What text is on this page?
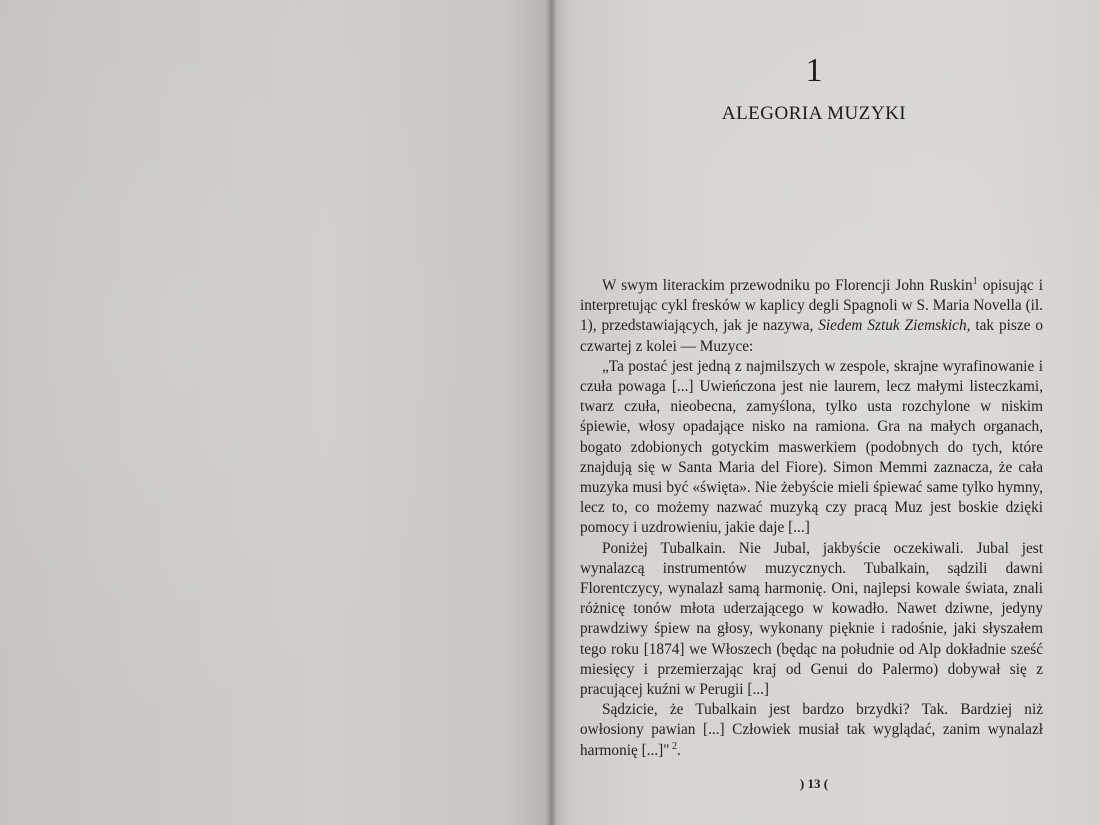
1
ALEGORIA MUZYKI

W swym literackim przewodniku po Florencji John Ruskin$^1$ opisując i interpretując cykl fresków w kaplicy degli Spagnoli w S. Maria Novella (il. 1), przedstawiających, jak je nazywa, Siedem Sztuk Ziemskich, tak pisze o czwartej z kolei — Muzyce:

„Ta postać jest jedną z najmilszych w zespole, skrajne wyrafinowanie i czuła powaga [...] Uwieńczona jest nie laurem, lecz małymi listeczkami, twarz czuła, nieobecna, zamyślona, tylko usta rozchylone w niskim śpiewie, włosy opadające nisko na ramiona. Gra na małych organach, bogato zdobionych gotyckim maswerkiem (podobnych do tych, które znajdują się w Santa Maria del Fiore). Simon Memmi zaznacza, że cała muzyka musi być «święta». Nie żebyście mieli śpiewać same tylko hymny, lecz to, co możemy nazwać muzyką czy pracą Muz jest boskie dzięki pomocy i uzdrowieniu, jakie daje [...]

Poniżej Tubalkain. Nie Jubal, jakbyście oczekiwali. Jubal jest wynalazcą instrumentów muzycznych. Tubalkain, sądzili dawni Florentczycy, wynalazł samą harmonię. Oni, najlepsi kowale świata, znali różnicę tonów młota uderzającego w kowadło. Nawet dziwne, jedyny prawdziwy śpiew na głosy, wykonany pięknie i radośnie, jaki słyszałem tego roku [1874] we Włoszech (będąc na południe od Alp dokładnie sześć miesięcy i przemierzając kraj od Genui do Palermo) dobywał się z pracującej kuźni w Perugii [...]

Sądzicie, że Tubalkain jest bardzo brzydki? Tak. Bardziej niż owłosiony pawian [...] Człowiek musiał tak wyglądać, zanim wynalazł harmonię [...]" $^2$.

) 13 (
